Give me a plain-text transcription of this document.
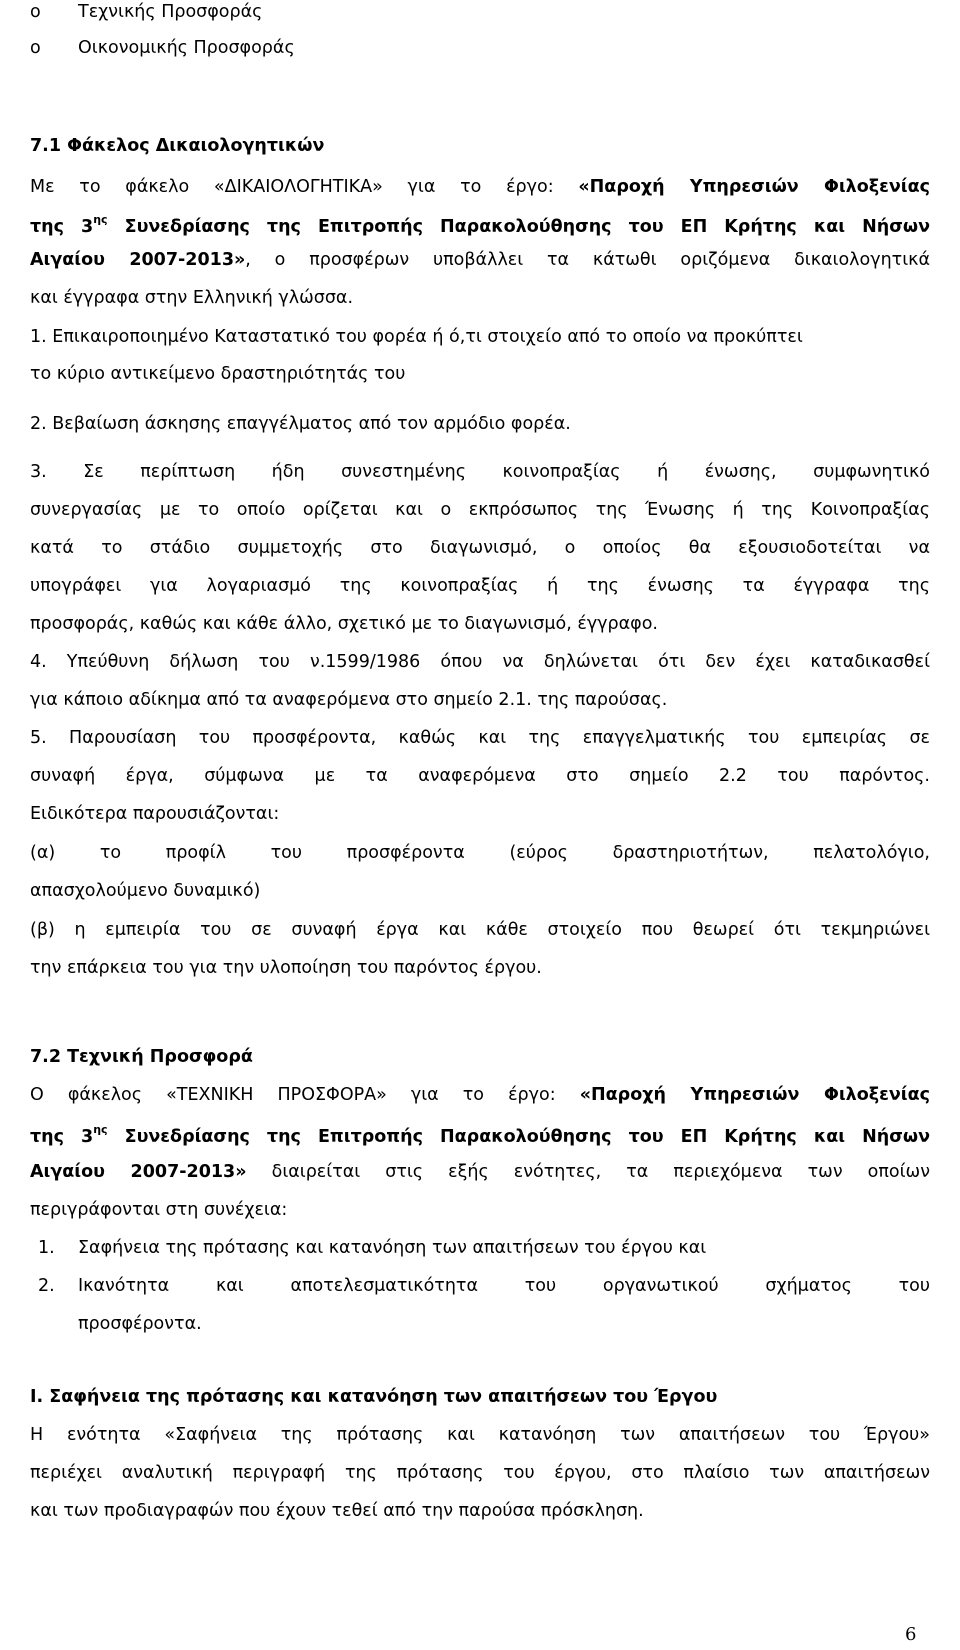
o Τεχνικής Προσφοράς
o Οικονομικής Προσφοράς
7.1 Φάκελος Δικαιολογητικών
Με το φάκελο «ΔΙΚΑΙΟΛΟΓΗΤΙΚΑ» για το έργο: «Παροχή Υπηρεσιών Φιλοξενίας
της $3^{\eta\varsigma}$ Συνεδρίασης της Επιτροπής Παρακολούθησης του ΕΠ Κρήτης και Νήσων
Αιγαίου 2007-2013», ο προσφέρων υποβάλλει τα κάτωθι οριζόμενα δικαιολογητικά
και έγγραφα στην Ελληνική γλώσσα.
1. Επικαιροποιημένο Καταστατικό του φορέα ή ό,τι στοιχείο από το οποίο να προκύπτει
το κύριο αντικείμενο δραστηριότητάς του
2. Βεβαίωση άσκησης επαγγέλματος από τον αρμόδιο φορέα.
3. Σε περίπτωση ήδη συνεστημένης κοινοπραξίας ή ένωσης, συμφωνητικό
συνεργασίας με το οποίο ορίζεται και ο εκπρόσωπος της Ένωσης ή της Κοινοπραξίας
κατά το στάδιο συμμετοχής στο διαγωνισμό, ο οποίος θα εξουσιοδοτείται να
υπογράφει για λογαριασμό της κοινοπραξίας ή της ένωσης τα έγγραφα της
προσφοράς, καθώς και κάθε άλλο, σχετικό με το διαγωνισμό, έγγραφο.
4. Υπεύθυνη δήλωση του ν.1599/1986 όπου να δηλώνεται ότι δεν έχει καταδικασθεί
για κάποιο αδίκημα από τα αναφερόμενα στο σημείο 2.1. της παρούσας.
5. Παρουσίαση του προσφέροντα, καθώς και της επαγγελματικής του εμπειρίας σε
συναφή έργα, σύμφωνα με τα αναφερόμενα στο σημείο 2.2 του παρόντος.
Ειδικότερα παρουσιάζονται:
(α) το προφίλ του προσφέροντα (εύρος δραστηριοτήτων, πελατολόγιο,
απασχολούμενο δυναμικό)
(β) η εμπειρία του σε συναφή έργα και κάθε στοιχείο που θεωρεί ότι τεκμηριώνει
την επάρκεια του για την υλοποίηση του παρόντος έργου.
7.2 Τεχνική Προσφορά
Ο φάκελος «ΤΕΧΝΙΚΗ ΠΡΟΣΦΟΡΑ» για το έργο: «Παροχή Υπηρεσιών Φιλοξενίας
της $3^{\eta\varsigma}$ Συνεδρίασης της Επιτροπής Παρακολούθησης του ΕΠ Κρήτης και Νήσων
Αιγαίου 2007-2013» διαιρείται στις εξής ενότητες, τα περιεχόμενα των οποίων
περιγράφονται στη συνέχεια:
1. Σαφήνεια της πρότασης και κατανόηση των απαιτήσεων του έργου και
2. Ικανότητα και αποτελεσματικότητα του οργανωτικού σχήματος του
προσφέροντα.
Ι. Σαφήνεια της πρότασης και κατανόηση των απαιτήσεων του Έργου
Η ενότητα «Σαφήνεια της πρότασης και κατανόηση των απαιτήσεων του Έργου»
περιέχει αναλυτική περιγραφή της πρότασης του έργου, στο πλαίσιο των απαιτήσεων
και των προδιαγραφών που έχουν τεθεί από την παρούσα πρόσκληση.
6
